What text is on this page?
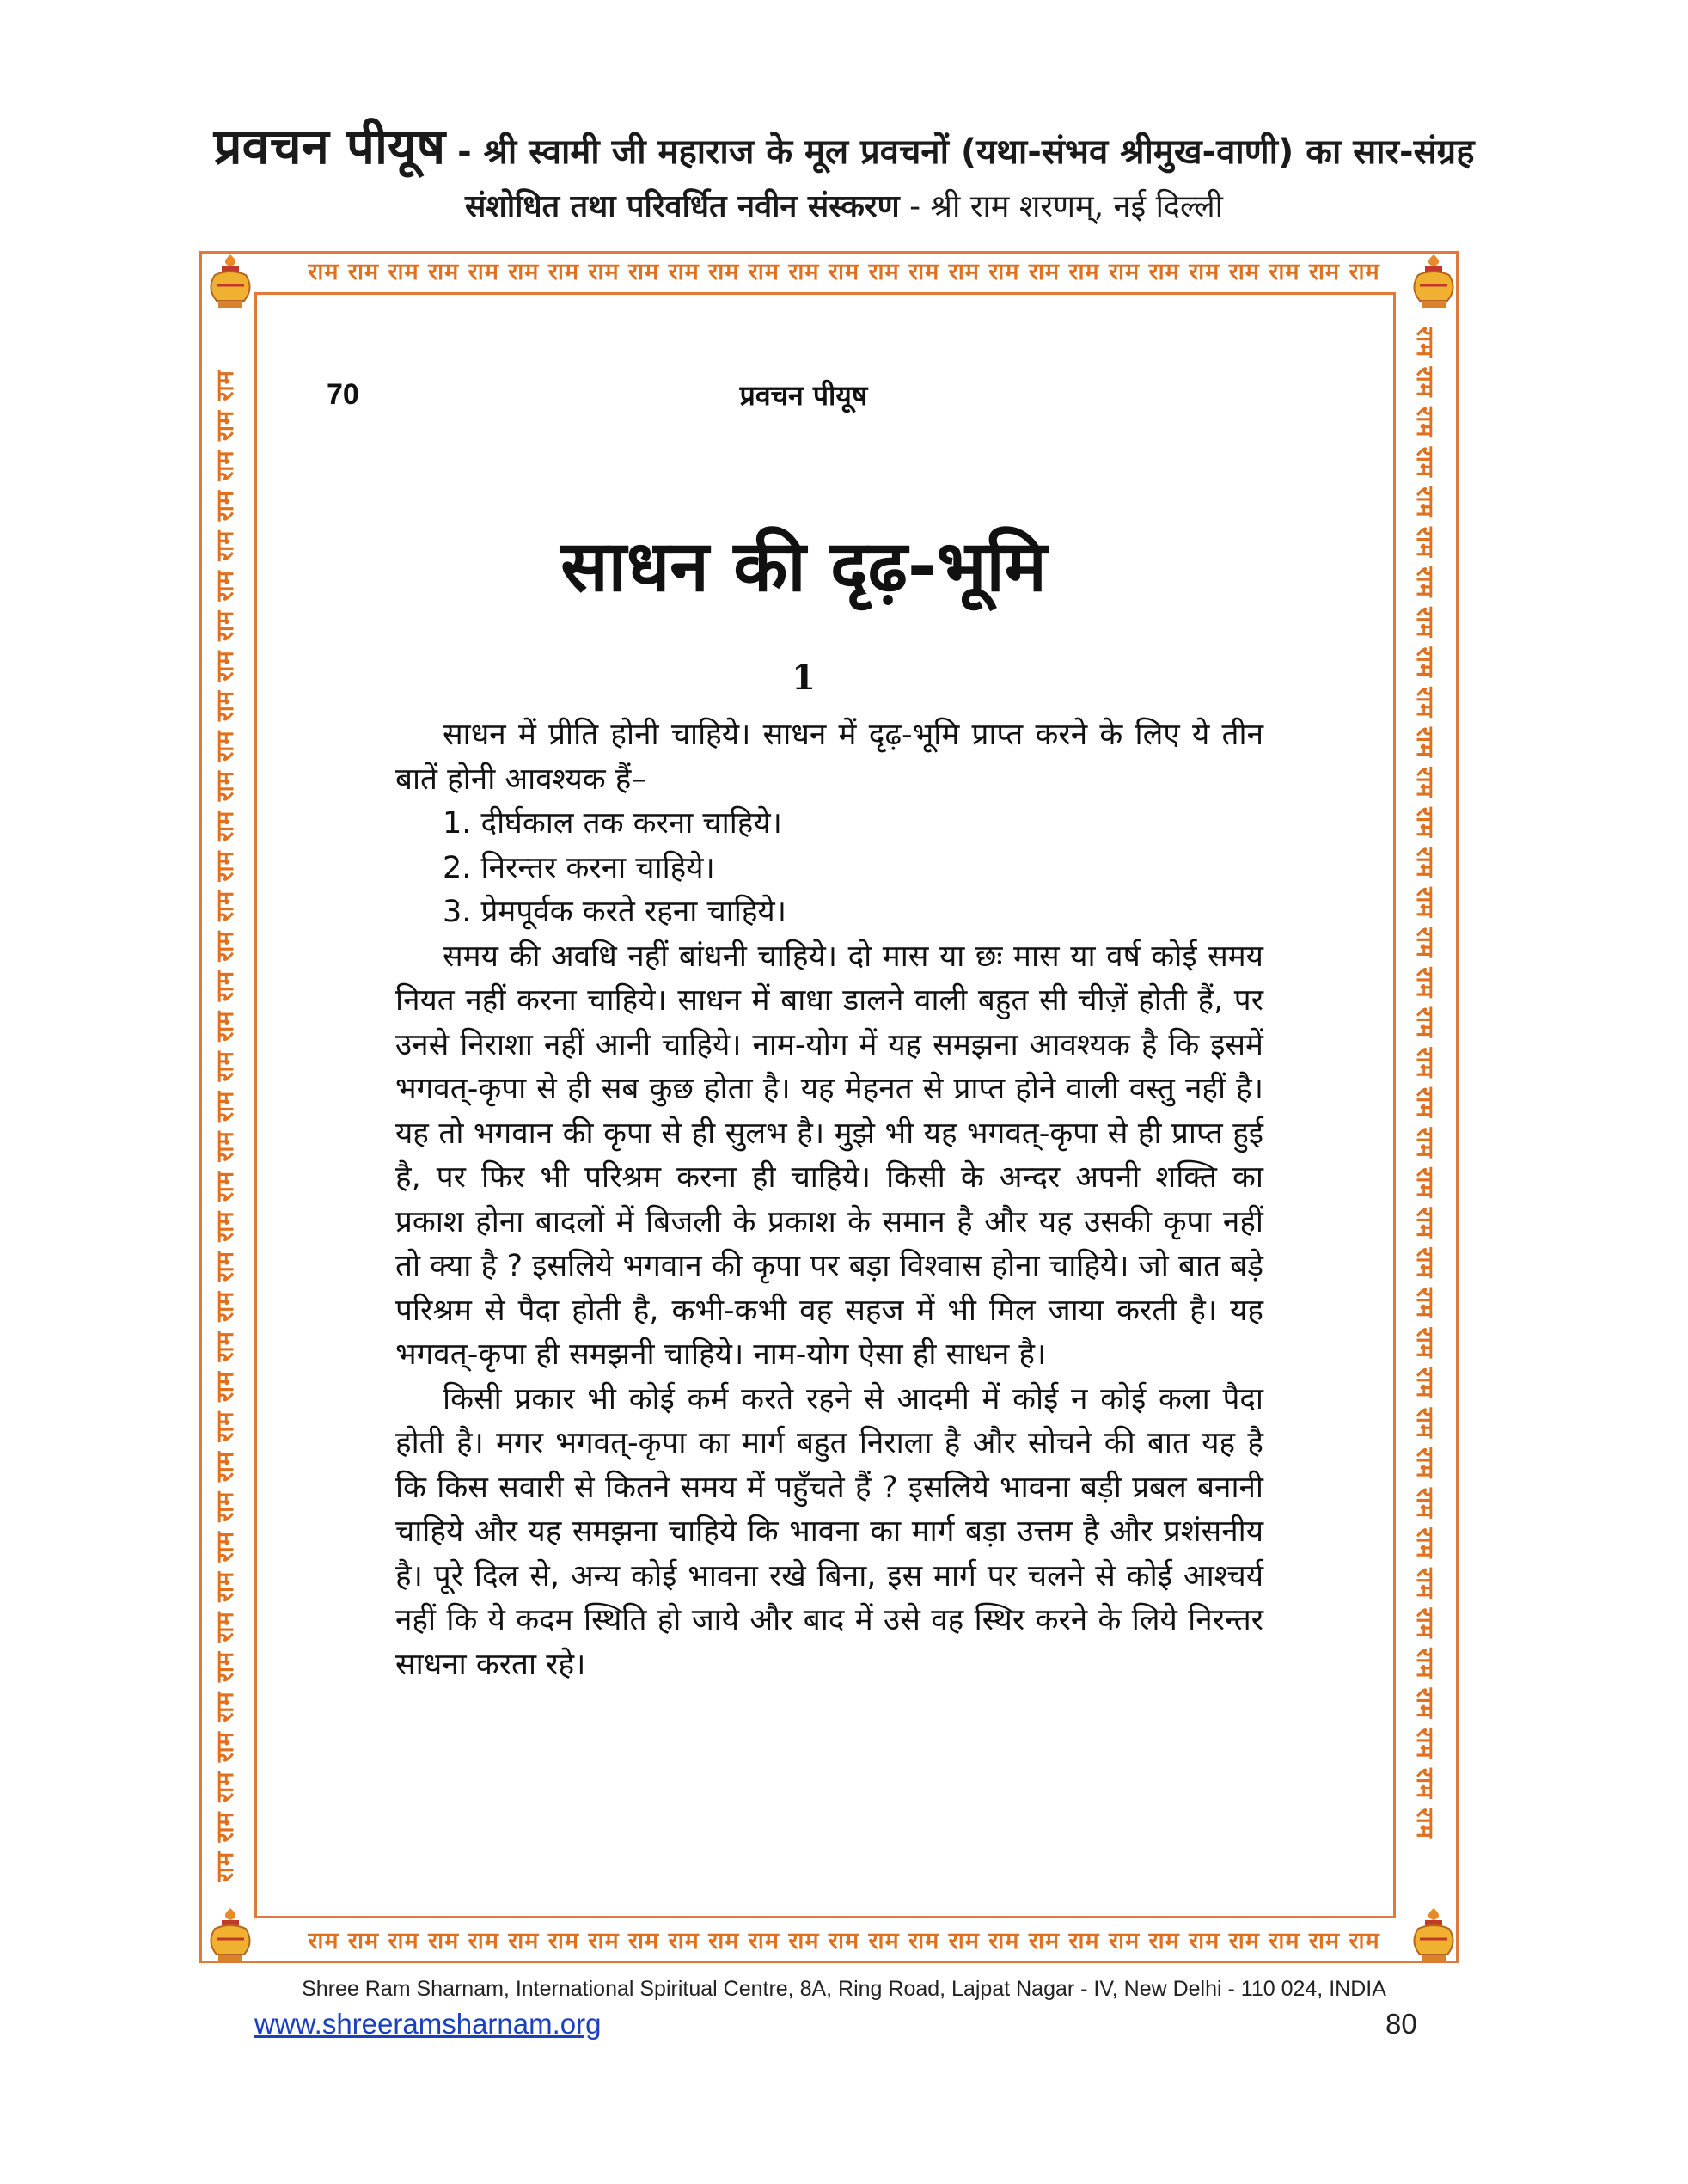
प्रवचन पीयूष - श्री स्वामी जी महाराज के मूल प्रवचनों (यथा-संभव श्रीमुख-वाणी) का सार-संग्रह
संशोधित तथा परिवर्धित नवीन संस्करण - श्री राम शरणम्, नई दिल्ली
राम राम राम राम राम राम राम राम राम राम राम राम राम राम राम राम राम राम राम राम राम राम राम राम राम राम राम
राम राम राम राम राम राम राम राम राम राम राम राम राम राम राम राम राम राम राम राम राम राम राम राम राम राम राम
राम राम राम राम राम राम राम राम राम राम राम राम राम राम राम राम राम राम राम राम राम राम राम राम राम राम राम राम राम राम राम राम राम राम राम राम राम राम	राम राम राम राम राम राम राम राम राम राम राम राम राम राम राम राम राम राम राम राम राम राम राम राम राम राम राम राम राम राम राम राम राम राम राम राम राम राम
70	प्रवचन पीयूष
साधन की दृढ़-भूमि
1

साधन में प्रीति होनी चाहिये। साधन में दृढ़-भूमि प्राप्त करने के लिए ये तीन बातें होनी आवश्यक हैं–

1. दीर्घकाल तक करना चाहिये।

2. निरन्तर करना चाहिये।

3. प्रेमपूर्वक करते रहना चाहिये।

समय की अवधि नहीं बांधनी चाहिये। दो मास या छः मास या वर्ष कोई समय नियत नहीं करना चाहिये। साधन में बाधा डालने वाली बहुत सी चीज़ें होती हैं, पर उनसे निराशा नहीं आनी चाहिये। नाम-योग में यह समझना आवश्यक है कि इसमें भगवत्-कृपा से ही सब कुछ होता है। यह मेहनत से प्राप्त होने वाली वस्तु नहीं है। यह तो भगवान की कृपा से ही सुलभ है। मुझे भी यह भगवत्-कृपा से ही प्राप्त हुई है, पर फिर भी परिश्रम करना ही चाहिये। किसी के अन्दर अपनी शक्ति का प्रकाश होना बादलों में बिजली के प्रकाश के समान है और यह उसकी कृपा नहीं तो क्या है ? इसलिये भगवान की कृपा पर बड़ा विश्वास होना चाहिये। जो बात बड़े परिश्रम से पैदा होती है, कभी-कभी वह सहज में भी मिल जाया करती है। यह भगवत्-कृपा ही समझनी चाहिये। नाम-योग ऐसा ही साधन है।

किसी प्रकार भी कोई कर्म करते रहने से आदमी में कोई न कोई कला पैदा होती है। मगर भगवत्-कृपा का मार्ग बहुत निराला है और सोचने की बात यह है कि किस सवारी से कितने समय में पहुँचते हैं ? इसलिये भावना बड़ी प्रबल बनानी चाहिये और यह समझना चाहिये कि भावना का मार्ग बड़ा उत्तम है और प्रशंसनीय है। पूरे दिल से, अन्य कोई भावना रखे बिना, इस मार्ग पर चलने से कोई आश्चर्य नहीं कि ये कदम स्थिति हो जाये और बाद में उसे वह स्थिर करने के लिये निरन्तर साधना करता रहे।

Shree Ram Sharnam, International Spiritual Centre, 8A, Ring Road, Lajpat Nagar - IV, New Delhi - 110 024, INDIA
www.shreeramsharnam.org	80
